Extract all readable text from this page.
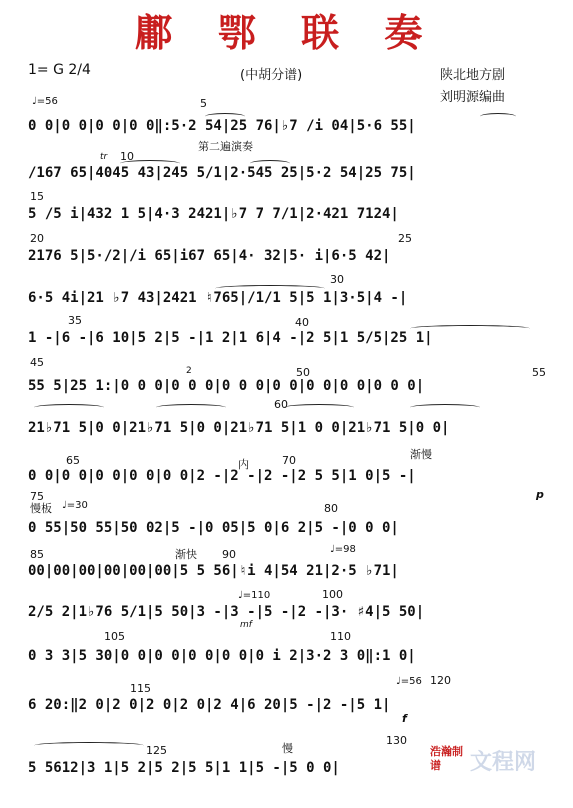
鄘 鄂 联 奏
1= G 2/4	(中胡分谱)	陕北地方剧
刘明源编曲
♩=56
0 0|0 0|0 0|0 0‖:5·2 54|25 76|♭7 /i 04|5·6 55|
/167 65|4045 43|245 5/1|2·545 25|5·2 54|25 75|
5 /5 i|432 1 5|4·3 2421|♭7 7 7/1|2·421 7124|
2176 5|5·/2|/i 65|i67 65|4· 32|5· i|6·5 42|
6·5 4i|21 ♭7 43|2421 ♮765|/1/1 5|5 1|3·5|4 -|
1 -|6 -|6 10|5 2|5 -|1 2|1 6|4 -|2 5|1 5/5|25 1|
55 5|25 1:|0 0 0|0 0 0|0 0 0|0 0|0 0|0 0|0 0 0|
21♭71 5|0 0|21♭71 5|0 0|21♭71 5|1 0 0|21♭71 5|0 0|
0 0|0 0|0 0|0 0|0 0|2 -|2 -|2 -|2 5 5|1 0|5 -|
0 55|50 55|50 02|5 -|0 05|5 0|6 2|5 -|0 0 0|
00|00|00|00|00|00|5 5 56|♮i 4|54 21|2·5 ♭71|
2/5 2|1♭76 5/1|5 50|3 -|3 -|5 -|2 -|3· ♯4|5 50|
0 3 3|5 30|0 0|0 0|0 0|0 0|0 i 2|3·2 3 0‖:1 0|
6 20:‖2 0|2 0|2 0|2 0|2 4|6 20|5 -|2 -|5 1|
5 5612|3 1|5 2|5 2|5 5|1 1|5 -|5 0 0|
5
10
15
20	25
30
35	40
45
50	55
60
65	70
75
80
85	90
100
105	110
115
120
125
130
第二遍演奏
tr
内
渐慢
慢板 ♩=30
渐快	♩=98
♩=110
mf
慢
♩=56
p
f
2
浩瀚制谱	文程网
